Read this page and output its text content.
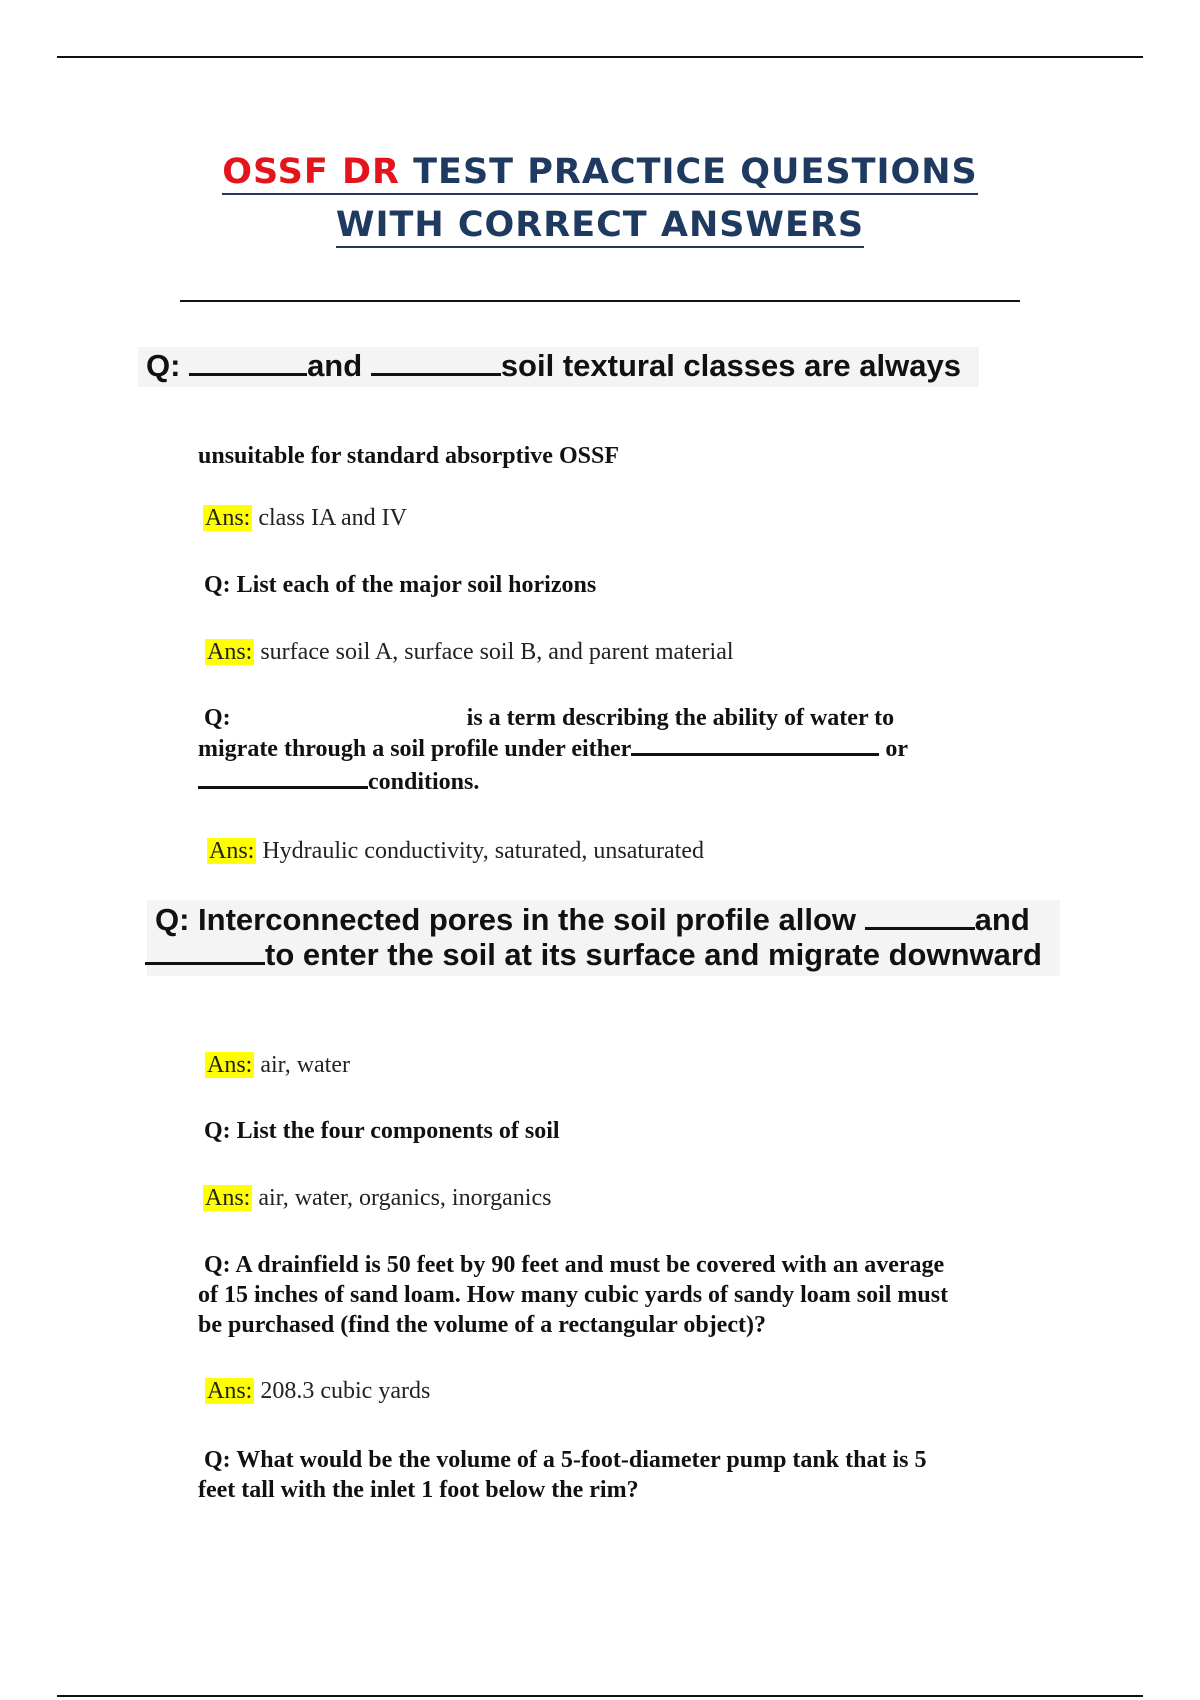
OSSF DR TEST PRACTICE QUESTIONS
WITH CORRECT ANSWERS
Q:	and	soil textural classes are always
unsuitable for standard absorptive OSSF
Ans: class IA and IV
Q: List each of the major soil horizons
Ans: surface soil A, surface soil B, and parent material
Q:	is a term describing the ability of water to
migrate through a soil profile under either	or
conditions.
Ans: Hydraulic conductivity, saturated, unsaturated
Q: Interconnected pores in the soil profile allow	and
to enter the soil at its surface and migrate downward
Ans: air, water
Q: List the four components of soil
Ans: air, water, organics, inorganics
Q: A drainfield is 50 feet by 90 feet and must be covered with an average
of 15 inches of sand loam. How many cubic yards of sandy loam soil must
be purchased (find the volume of a rectangular object)?
Ans: 208.3 cubic yards
Q: What would be the volume of a 5-foot-diameter pump tank that is 5
feet tall with the inlet 1 foot below the rim?
